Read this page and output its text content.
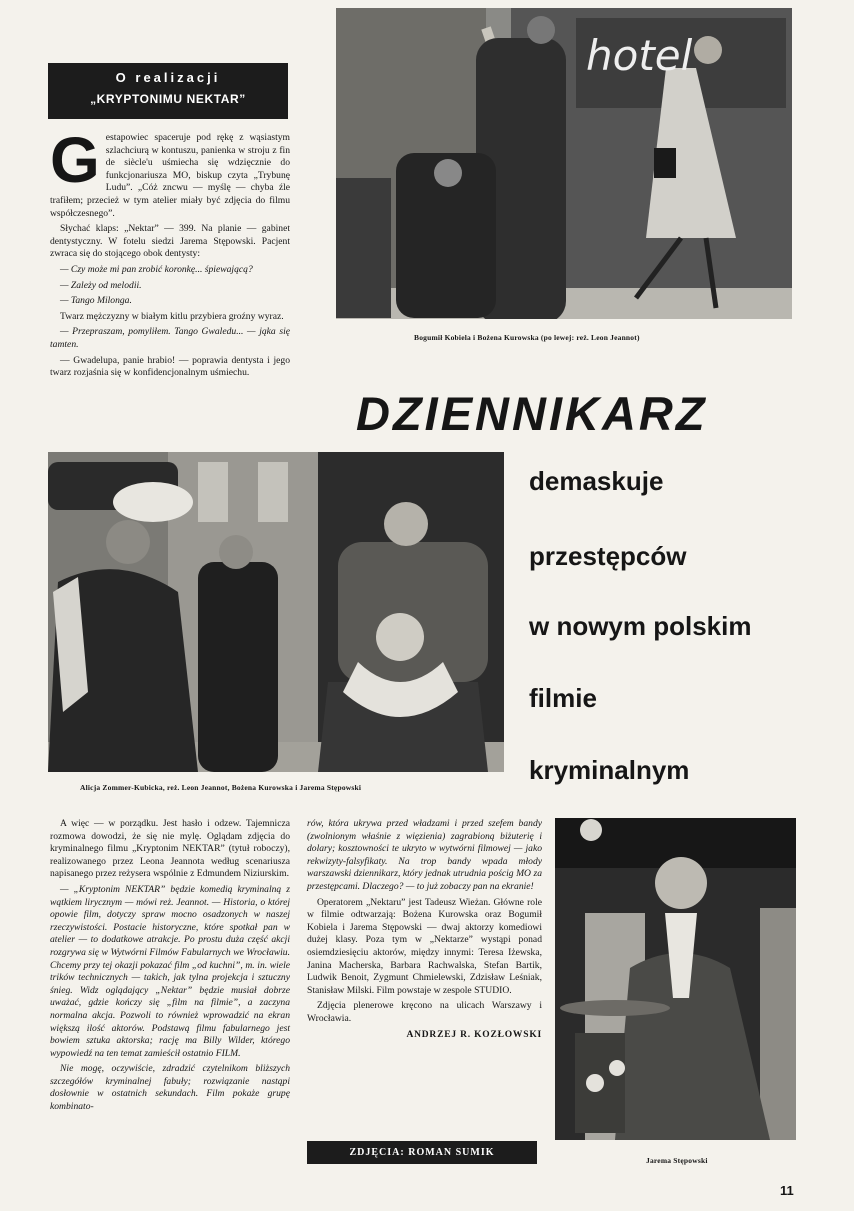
O realizacji
„KRYPTONIMU NEKTAR”

G estapowiec spaceruje pod rękę z wąsiastym szlachciurą w kontuszu, panienka w stroju z fin de siècle'u uśmiecha się wdzięcznie do funkcjonariusza MO, biskup czyta „Trybunę Ludu”. „Cóż zncwu — myślę — chyba źle trafiłem; przecież w tym atelier miały być zdjęcia do filmu współczesnego”.

Słychać klaps: „Nektar” — 399. Na planie — gabinet dentystyczny. W fotelu siedzi Jarema Stępowski. Pacjent zwraca się do stojącego obok dentysty:

— Czy może mi pan zrobić koronkę... śpiewającą?

— Zależy od melodii.

— Tango Milonga.

Twarz mężczyzny w białym kitlu przybiera groźny wyraz.

— Przepraszam, pomyliłem. Tango Gwaledu... — jąka się tamten.

— Gwadelupa, panie hrabio! — poprawia dentysta i jego twarz rozjaśnia się w konfidencjonalnym uśmiechu.

hotel
Bogumił Kobiela i Bożena Kurowska (po lewej: reż. Leon Jeannot)
DZIENNIKARZ
Alicja Zommer-Kubicka, reż. Leon Jeannot, Bożena Kurowska i Jarema Stępowski
demaskuje
przestępców
w nowym polskim
filmie
kryminalnym

A więc — w porządku. Jest hasło i odzew. Tajemnicza rozmowa dowodzi, że się nie mylę. Oglądam zdjęcia do kryminalnego filmu „Kryptonim NEKTAR” (tytuł roboczy), realizowanego przez Leona Jeannota według scenariusza napisanego przez reżysera wspólnie z Edmundem Niziurskim.

— „Kryptonim NEKTAR” będzie komedią kryminalną z wątkiem lirycznym — mówi reż. Jeannot. — Historia, o której opowie film, dotyczy spraw mocno osadzonych w naszej rzeczywistości. Postacie historyczne, które spotkał pan w atelier — to dodatkowe atrakcje. Po prostu duża część akcji rozgrywa się w Wytwórni Filmów Fabularnych we Wrocławiu. Chcemy przy tej okazji pokazać film „od kuchni”, m. in. wiele trików technicznych — takich, jak tylna projekcja i sztuczny śnieg. Widz oglądający „Nektar” będzie musiał dobrze uważać, gdzie kończy się „film na filmie”, a zaczyna normalna akcja. Pozwoli to również wprowadzić na ekran większą ilość aktorów. Podstawą filmu fabularnego jest bowiem sztuka aktorska; rację ma Billy Wilder, którego wypowiedź na ten temat zamieścił ostatnio FILM.

Nie mogę, oczywiście, zdradzić czytelnikom bliższych szczegółów kryminalnej fabuły; rozwiązanie nastąpi dosłownie w ostatnich sekundach. Film pokaże grupę kombinato-

rów, która ukrywa przed władzami i przed szefem bandy (zwolnionym właśnie z więzienia) zagrabioną biżuterię i dolary; kosztowności te ukryto w wytwórni filmowej — jako rekwizyty-falsyfikaty. Na trop bandy wpada młody warszawski dziennikarz, który jednak utrudnia pościg MO za przestępcami. Dlaczego? — to już zobaczy pan na ekranie!

Operatorem „Nektaru” jest Tadeusz Wieżan. Główne role w filmie odtwarzają: Bożena Kurowska oraz Bogumił Kobiela i Jarema Stępowski — dwaj aktorzy komediowi dużej klasy. Poza tym w „Nektarze” wystąpi ponad osiemdziesięciu aktorów, między innymi: Teresa Iżewska, Janina Macherska, Barbara Rachwalska, Stefan Bartik, Ludwik Benoit, Zygmunt Chmielewski, Zdzisław Leśniak, Stanisław Milski. Film powstaje w zespole STUDIO.

Zdjęcia plenerowe kręcono na ulicach Warszawy i Wrocławia.

ANDRZEJ R. KOZŁOWSKI

ZDJĘCIA: ROMAN SUMIK
Jarema Stępowski
11
